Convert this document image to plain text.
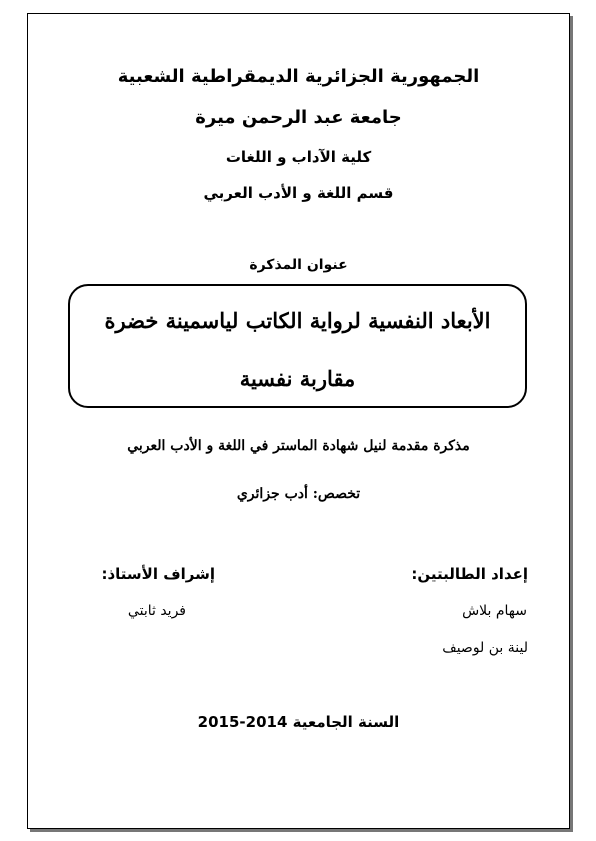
الجمهورية الجزائرية الديمقراطية الشعبية
جامعة عبد الرحمن ميرة
كلية الآداب و اللغات
قسم اللغة و الأدب العربي
عنوان المذكرة
الأبعاد النفسية لرواية الكاتب لياسمينة خضرة
مقاربة نفسية
مذكرة مقدمة لنيل شهادة الماستر في اللغة و الأدب العربي
تخصص: أدب جزائري
إعداد الطالبتين:
سهام بلاش
لينة بن لوصيف
إشراف الأستاذ:
فريد ثابتي
السنة الجامعية 2014-2015
